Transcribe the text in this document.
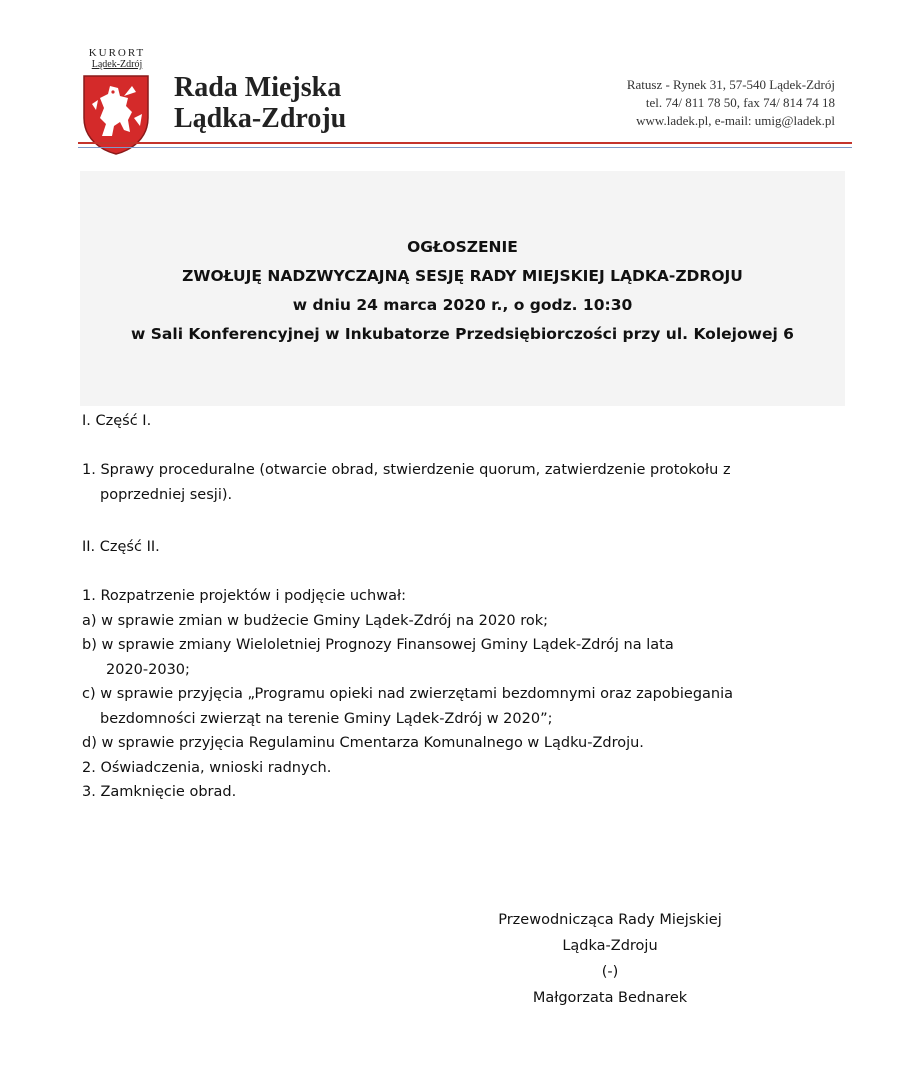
KURORT
Lądek-Zdrój
Rada Miejska
Lądka-Zdroju
Ratusz - Rynek 31, 57-540 Lądek-Zdrój
tel. 74/ 811 78 50, fax 74/ 814 74 18
www.ladek.pl, e-mail: umig@ladek.pl
OGŁOSZENIE
ZWOŁUJĘ NADZWYCZAJNĄ SESJĘ RADY MIEJSKIEJ LĄDKA-ZDROJU
w dniu 24 marca 2020 r., o godz. 10:30
w Sali Konferencyjnej w Inkubatorze Przedsiębiorczości przy ul. Kolejowej 6
I. Część I.
1. Sprawy proceduralne (otwarcie obrad, stwierdzenie quorum, zatwierdzenie protokołu z
poprzedniej sesji).
II. Część II.
1. Rozpatrzenie projektów i podjęcie uchwał:
a) w sprawie zmian w budżecie Gminy Lądek-Zdrój na 2020 rok;
b) w sprawie zmiany Wieloletniej Prognozy Finansowej Gminy Lądek-Zdrój na lata
2020-2030;
c) w sprawie przyjęcia „Programu opieki nad zwierzętami bezdomnymi oraz zapobiegania
bezdomności zwierząt na terenie Gminy Lądek-Zdrój w 2020”;
d) w sprawie przyjęcia Regulaminu Cmentarza Komunalnego w Lądku-Zdroju.
2. Oświadczenia, wnioski radnych.
3. Zamknięcie obrad.
Przewodnicząca Rady Miejskiej
Lądka-Zdroju
(-)
Małgorzata Bednarek
